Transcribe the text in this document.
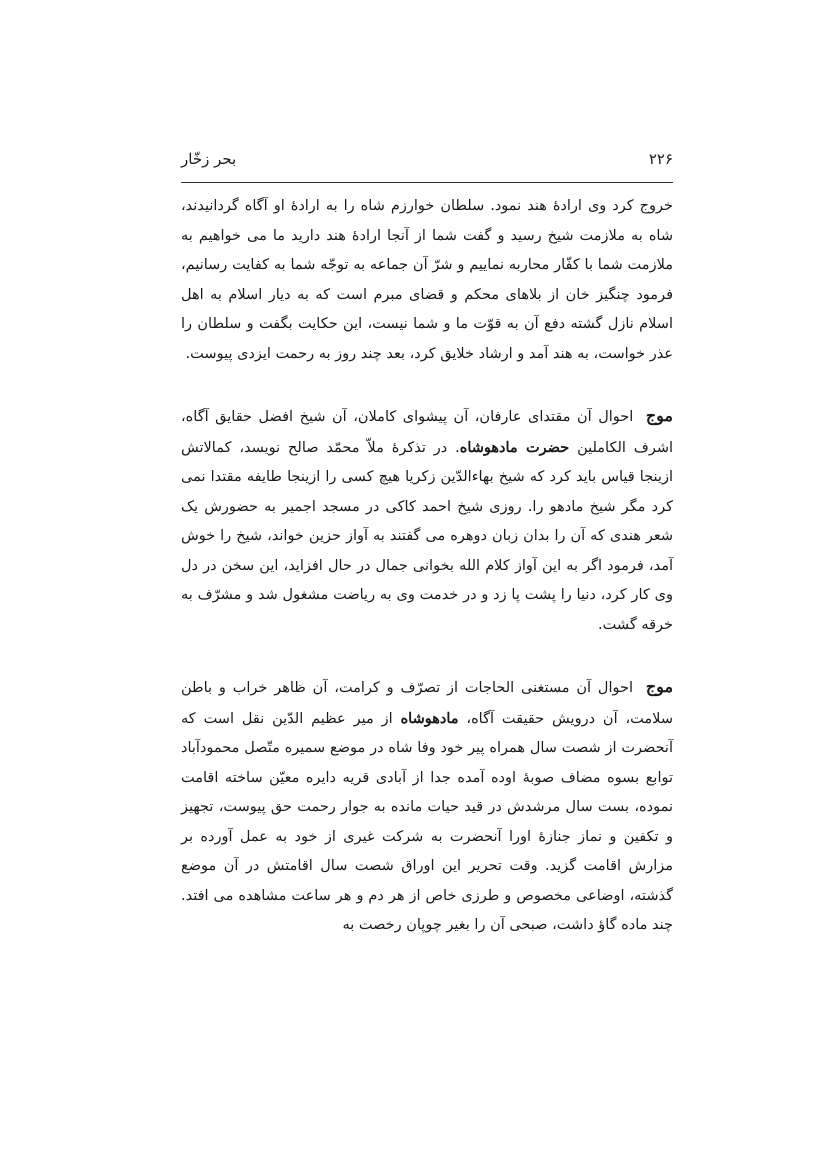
۲۲۶
بحر زخّار

خروج کرد وی ارادۀ هند نمود. سلطان خوارزم شاه را به ارادۀ او آگاه گردانیدند، شاه به ملازمت شیخ رسید و گفت شما از آنجا ارادۀ هند دارید ما می خواهیم به ملازمت شما با کفّار محاربه نماییم و شرّ آن جماعه به توجّه شما به کفایت رسانیم، فرمود چنگیز خان از بلاهای محکم و قضای مبرم است که به دیار اسلام به اهل اسلام نازل گشته دفع آن به قوّت ما و شما نیست، این حکایت بگفت و سلطان را عذر خواست، به هند آمد و ارشاد خلایق کرد، بعد چند روز به رحمت ایزدی پیوست.

موج احوال آن مقتدای عارفان، آن پیشوای کاملان، آن شیخ افضل حقایق آگاه، اشرف الکاملین حضرت مادهوشاه. در تذکرۀ ملاّ محمّد صالح نویسد، کمالاتش ازینجا قیاس باید کرد که شیخ بهاءالدّین زکریا هیچ کسی را ازینجا طایفه مقتدا نمی کرد مگر شیخ مادهو را. روزی شیخ احمد کاکی در مسجد اجمیر به حضورش یک شعر هندی که آن را بدان زبان دوهره می گفتند به آواز حزین خواند، شیخ را خوش آمد، فرمود اگر به این آواز کلام الله بخوانی جمال در حال افزاید، این سخن در دل وی کار کرد، دنیا را پشت پا زد و در خدمت وی به ریاضت مشغول شد و مشرّف به خرقه گشت.

موج احوال آن مستغنی الحاجات از تصرّف و کرامت، آن ظاهر خراب و باطن سلامت، آن درویش حقیقت آگاه، مادهوشاه از میر عظیم الدّین نقل است که آنحضرت از شصت سال همراه پیر خود وفا شاه در موضع سمیره متّصل محمودآباد توابع بسوه مضاف صوبۀ اوده آمده جدا از آبادی قریه دایره معیّن ساخته اقامت نموده، بست سال مرشدش در قید حیات مانده به جوار رحمت حق پیوست، تجهیز و تکفین و نماز جنازۀ اورا آنحضرت به شرکت غیری از خود به عمل آورده بر مزارش اقامت گزید. وقت تحریر این اوراق شصت سال اقامتش در آن موضع گذشته، اوضاعی مخصوص و طرزی خاص از هر دم و هر ساعت مشاهده می افتد. چند ماده گاؤ داشت، صبحی آن را بغیر چوپان رخصت به
